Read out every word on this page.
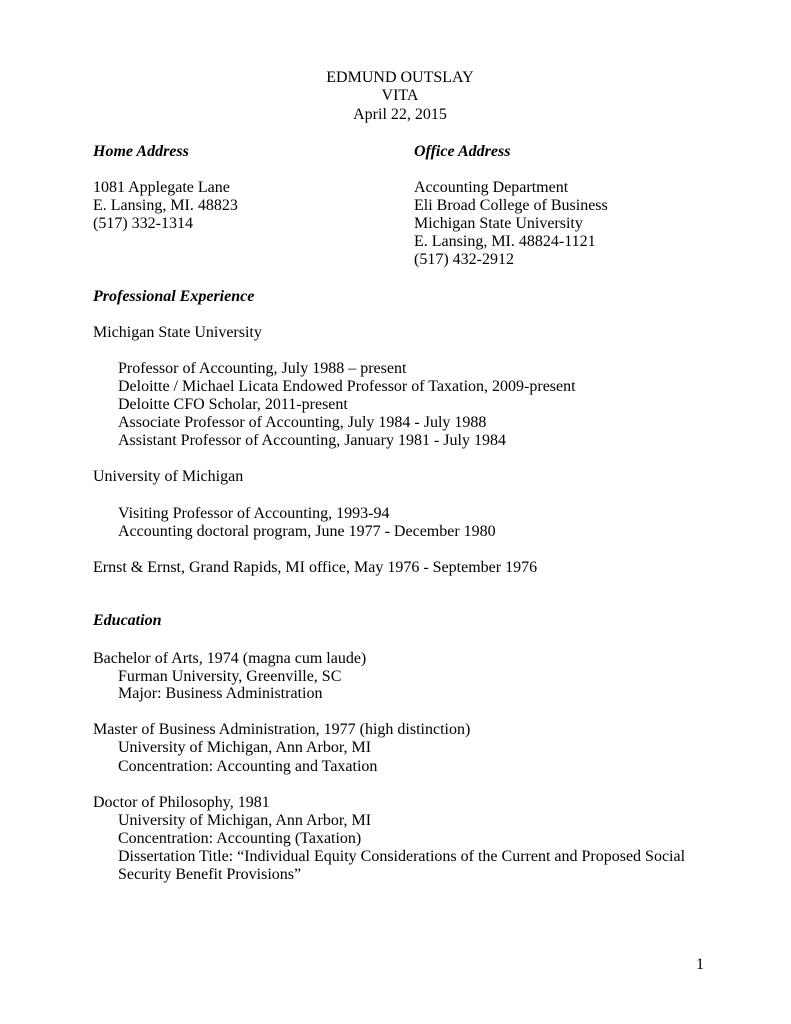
EDMUND OUTSLAY
VITA
April 22, 2015
Home Address	Office Address
1081 Applegate Lane
E. Lansing, MI. 48823
(517) 332-1314
Accounting Department
Eli Broad College of Business
Michigan State University
E. Lansing, MI. 48824-1121
(517) 432-2912
Professional Experience
Michigan State University
Professor of Accounting, July 1988 – present
Deloitte / Michael Licata Endowed Professor of Taxation, 2009-present
Deloitte CFO Scholar, 2011-present
Associate Professor of Accounting, July 1984 - July 1988
Assistant Professor of Accounting, January 1981 - July 1984
University of Michigan
Visiting Professor of Accounting, 1993-94
Accounting doctoral program, June 1977 - December 1980
Ernst & Ernst, Grand Rapids, MI office, May 1976 - September 1976
Education
Bachelor of Arts, 1974 (magna cum laude)
Furman University, Greenville, SC
Major: Business Administration
Master of Business Administration, 1977 (high distinction)
University of Michigan, Ann Arbor, MI
Concentration: Accounting and Taxation
Doctor of Philosophy, 1981
University of Michigan, Ann Arbor, MI
Concentration: Accounting (Taxation)
Dissertation Title: “Individual Equity Considerations of the Current and Proposed Social
Security Benefit Provisions”
1
